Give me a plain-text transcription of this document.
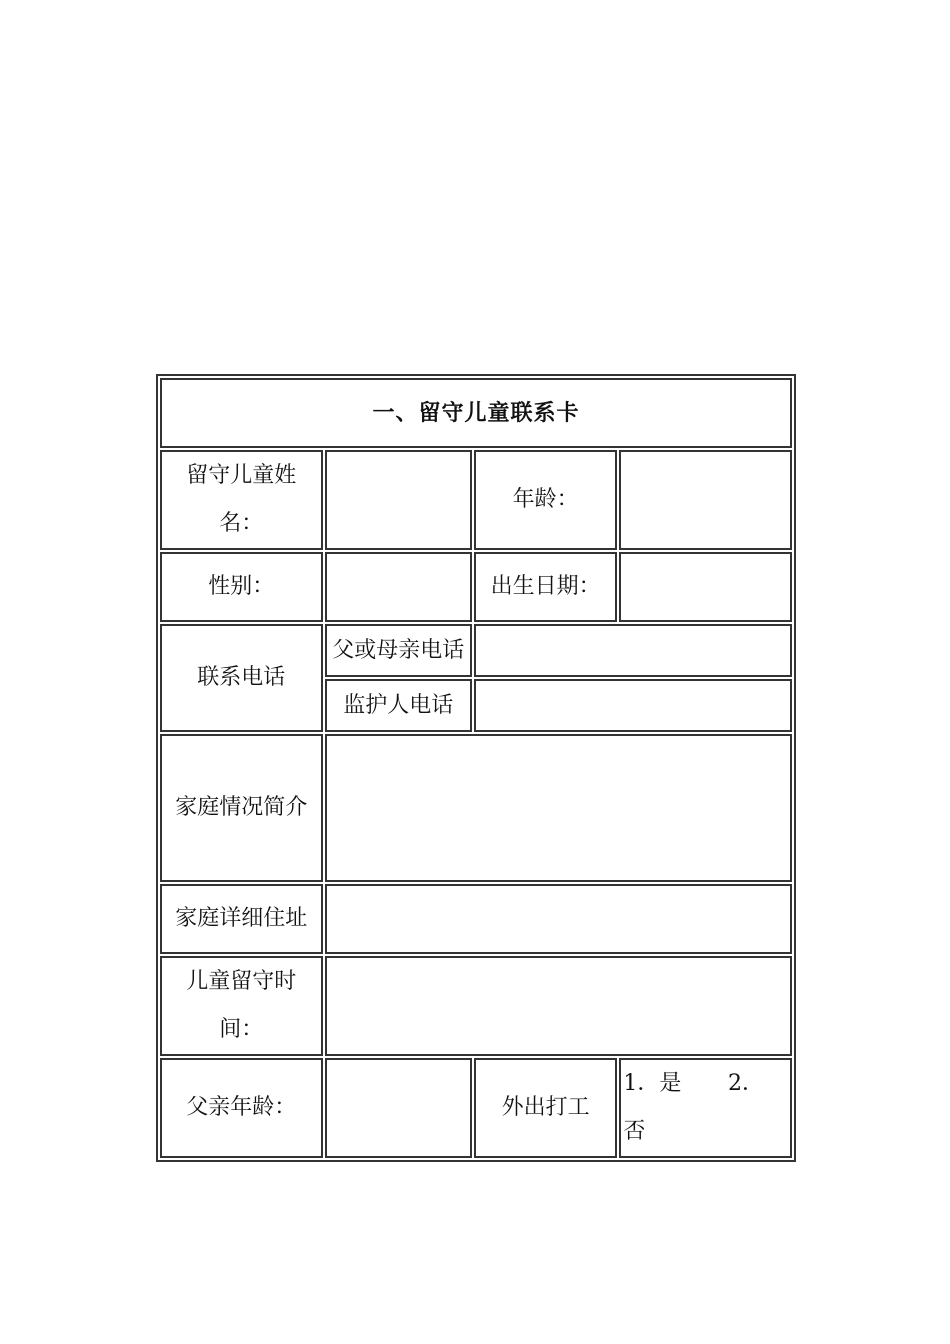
一、留守儿童联系卡			

留守儿童姓
名：		年龄：	
性别：		出生日期：	
联系电话	父或母亲电话		
	监护人电话		
家庭情况简介			
家庭详细住址			

儿童留守时
间：			

父亲年龄：		外出打工	1．是 2．
否
